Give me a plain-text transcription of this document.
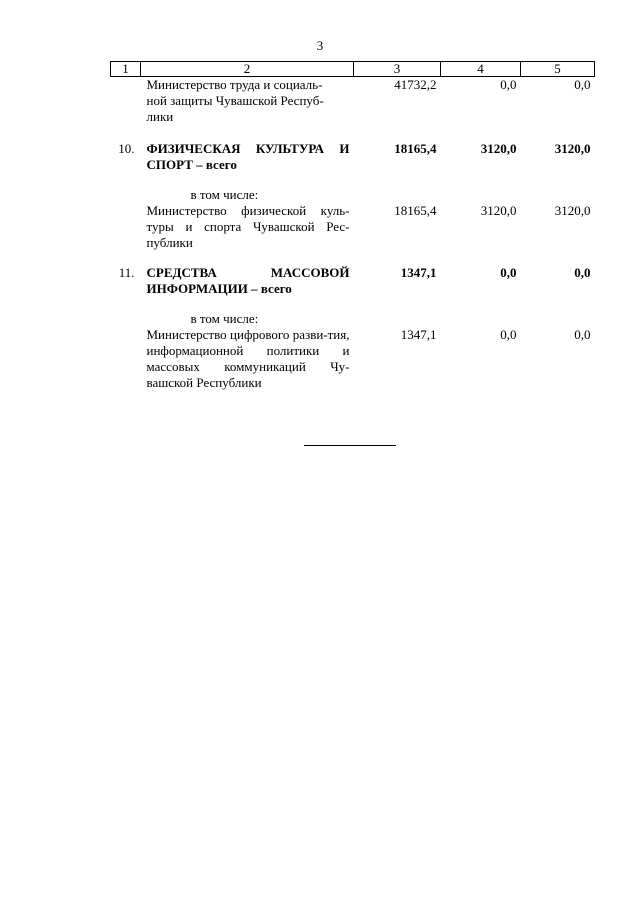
3
1	2	3	4	5
	Министерство труда и социаль-
ной защиты Чувашской Респуб-
лики	41732,2	0,0	0,0

10.	ФИЗИЧЕСКАЯ КУЛЬТУРА И СПОРТ – всего	18165,4	3120,0	3120,0

	в том числе:			

	Министерство физической куль-туры и спорта Чувашской Рес-публики	18165,4	3120,0	3120,0

11.	СРЕДСТВА МАССОВОЙ ИНФОРМАЦИИ – всего	1347,1	0,0	0,0

	в том числе:			

	Министерство цифрового разви-тия, информационной политики и массовых коммуникаций Чу-вашской Республики	1347,1	0,0	0,0
